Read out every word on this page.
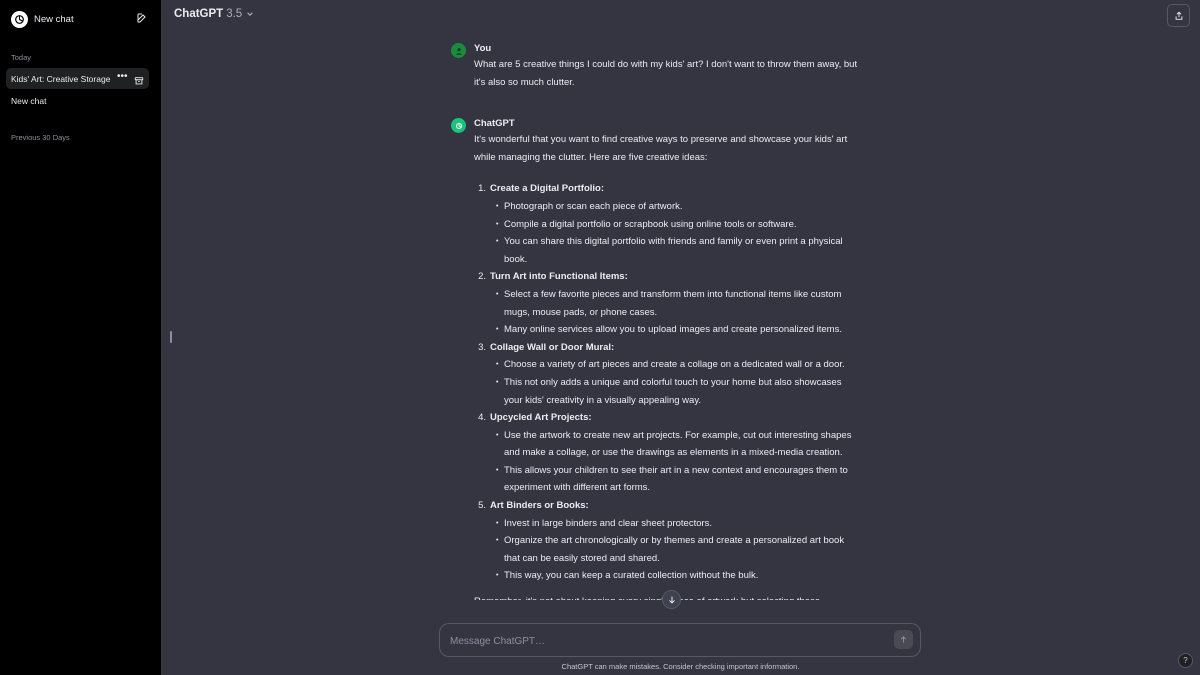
New chat
Today
Kids' Art: Creative Storage •••
New chat
Previous 30 Days
ChatGPT 3.5
You
What are 5 creative things I could do with my kids' art? I don't want to throw them away, but it's also so much clutter.
ChatGPT
It's wonderful that you want to find creative ways to preserve and showcase your kids' art while managing the clutter. Here are five creative ideas:
1. Create a Digital Portfolio:
• Photograph or scan each piece of artwork.
• Compile a digital portfolio or scrapbook using online tools or software.
• You can share this digital portfolio with friends and family or even print a physical book.
2. Turn Art into Functional Items:
• Select a few favorite pieces and transform them into functional items like custom mugs, mouse pads, or phone cases.
• Many online services allow you to upload images and create personalized items.
3. Collage Wall or Door Mural:
• Choose a variety of art pieces and create a collage on a dedicated wall or a door.
• This not only adds a unique and colorful touch to your home but also showcases your kids' creativity in a visually appealing way.
4. Upcycled Art Projects:
• Use the artwork to create new art projects. For example, cut out interesting shapes and make a collage, or use the drawings as elements in a mixed-media creation.
• This allows your children to see their art in a new context and encourages them to experiment with different art forms.
5. Art Binders or Books:
• Invest in large binders and clear sheet protectors.
• Organize the art chronologically or by themes and create a personalized art book that can be easily stored and shared.
• This way, you can keep a curated collection without the bulk.
Message ChatGPT…
ChatGPT can make mistakes. Consider checking important information.
?
